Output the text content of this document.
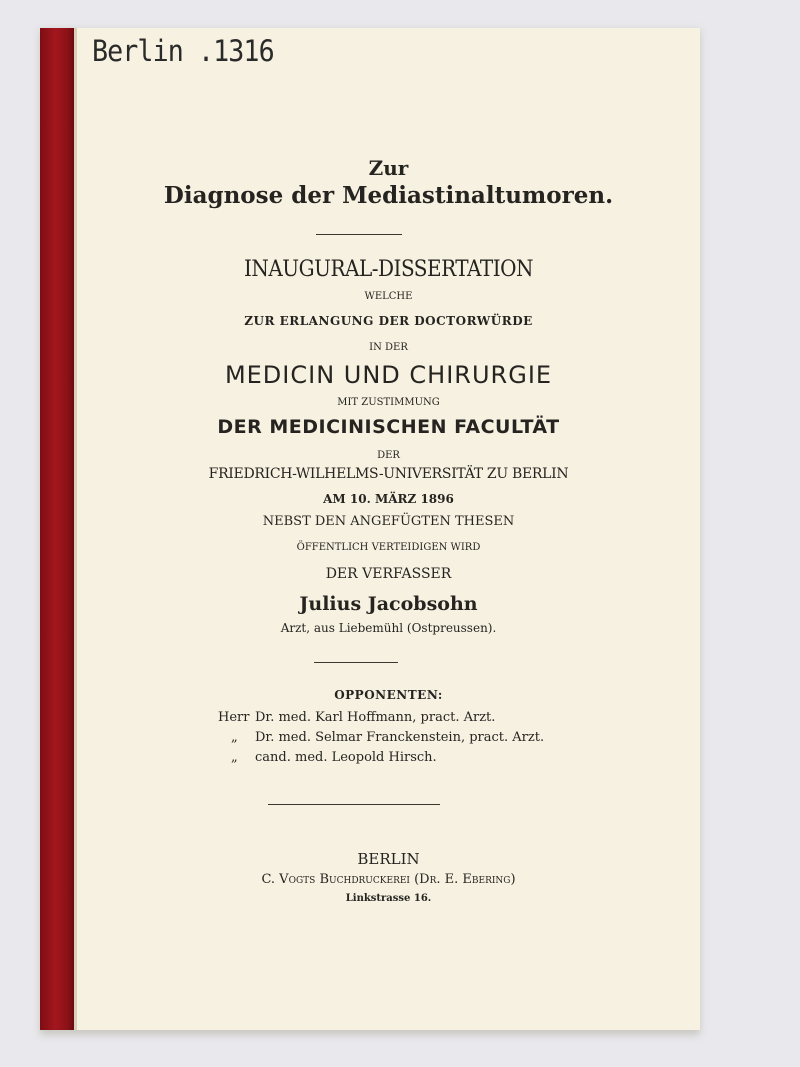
Berlin .1316
Zur
Diagnose der Mediastinaltumoren.
INAUGURAL-DISSERTATION
WELCHE
ZUR ERLANGUNG DER DOCTORWÜRDE
IN DER
MEDICIN UND CHIRURGIE
MIT ZUSTIMMUNG
DER MEDICINISCHEN FACULTÄT
DER
FRIEDRICH-WILHELMS-UNIVERSITÄT ZU BERLIN
AM 10. MÄRZ 1896
NEBST DEN ANGEFÜGTEN THESEN
ÖFFENTLICH VERTEIDIGEN WIRD
DER VERFASSER
Julius Jacobsohn
Arzt, aus Liebemühl (Ostpreussen).
OPPONENTEN:
Herr Dr. med. Karl Hoffmann, pract. Arzt.
„ Dr. med. Selmar Franckenstein, pract. Arzt.
„ cand. med. Leopold Hirsch.
BERLIN
C. Vogts Buchdruckerei (Dr. E. Ebering)
Linkstrasse 16.
